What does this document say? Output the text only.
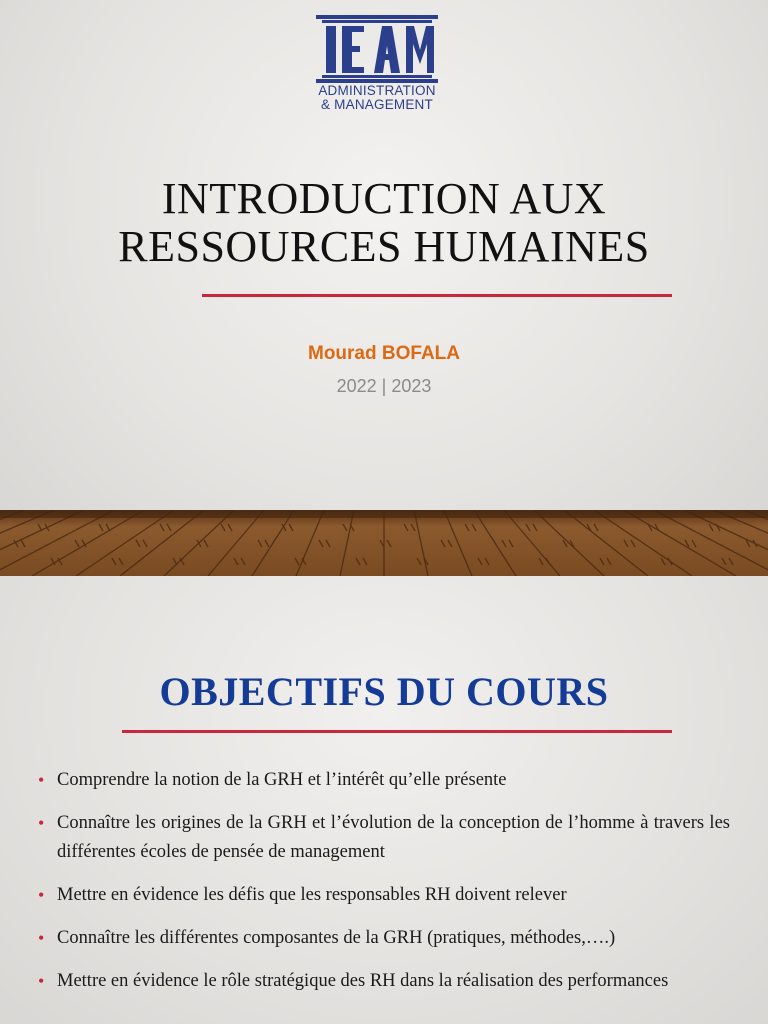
ADMINISTRATION
& MANAGEMENT
INTRODUCTION AUX
RESSOURCES HUMAINES
Mourad BOFALA
2022 | 2023
OBJECTIFS DU COURS
• Comprendre la notion de la GRH et l’intérêt qu’elle présente
• Connaître les origines de la GRH et l’évolution de la conception de l’homme à travers les différentes écoles de pensée de management
• Mettre en évidence les défis que les responsables RH doivent relever
• Connaître les différentes composantes de la GRH (pratiques, méthodes,….)
• Mettre en évidence le rôle stratégique des RH dans la réalisation des performances
